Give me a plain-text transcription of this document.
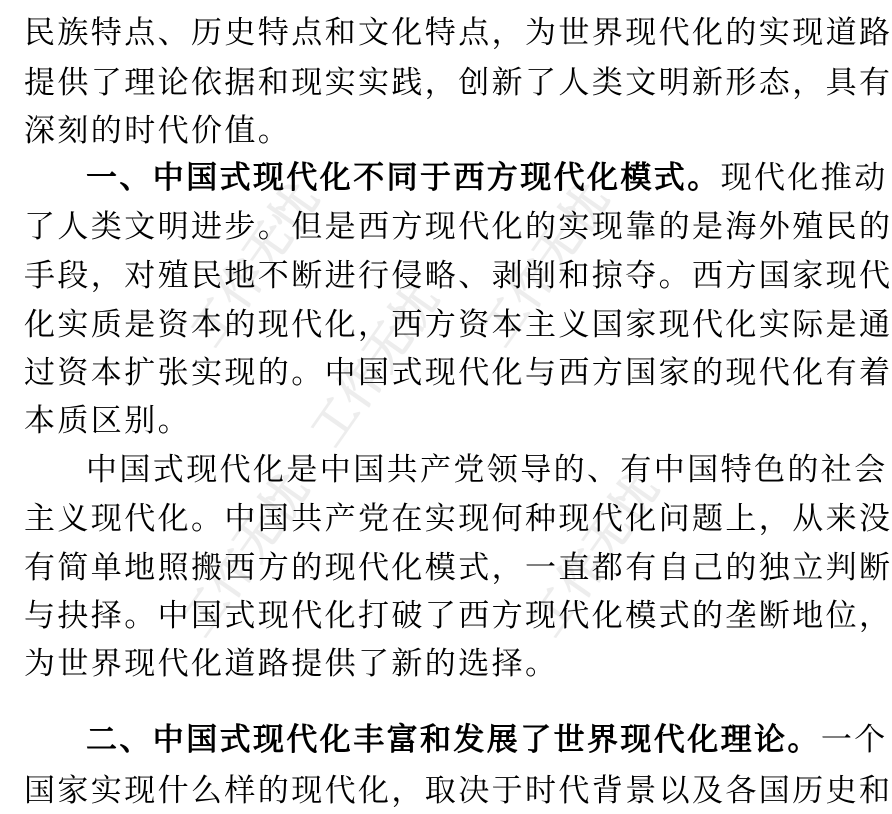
工作无忧	工作无忧
工作无忧
工作无忧	工作无忧
民族特点、历史特点和文化特点，为世界现代化的实现道路
提供了理论依据和现实实践，创新了人类文明新形态，具有
深刻的时代价值。
一、中国式现代化不同于西方现代化模式。现代化推动
了人类文明进步。但是西方现代化的实现靠的是海外殖民的
手段，对殖民地不断进行侵略、剥削和掠夺。西方国家现代
化实质是资本的现代化，西方资本主义国家现代化实际是通
过资本扩张实现的。中国式现代化与西方国家的现代化有着
本质区别。
中国式现代化是中国共产党领导的、有中国特色的社会
主义现代化。中国共产党在实现何种现代化问题上，从来没
有简单地照搬西方的现代化模式，一直都有自己的独立判断
与抉择。中国式现代化打破了西方现代化模式的垄断地位，
为世界现代化道路提供了新的选择。
二、中国式现代化丰富和发展了世界现代化理论。一个
国家实现什么样的现代化，取决于时代背景以及各国历史和
